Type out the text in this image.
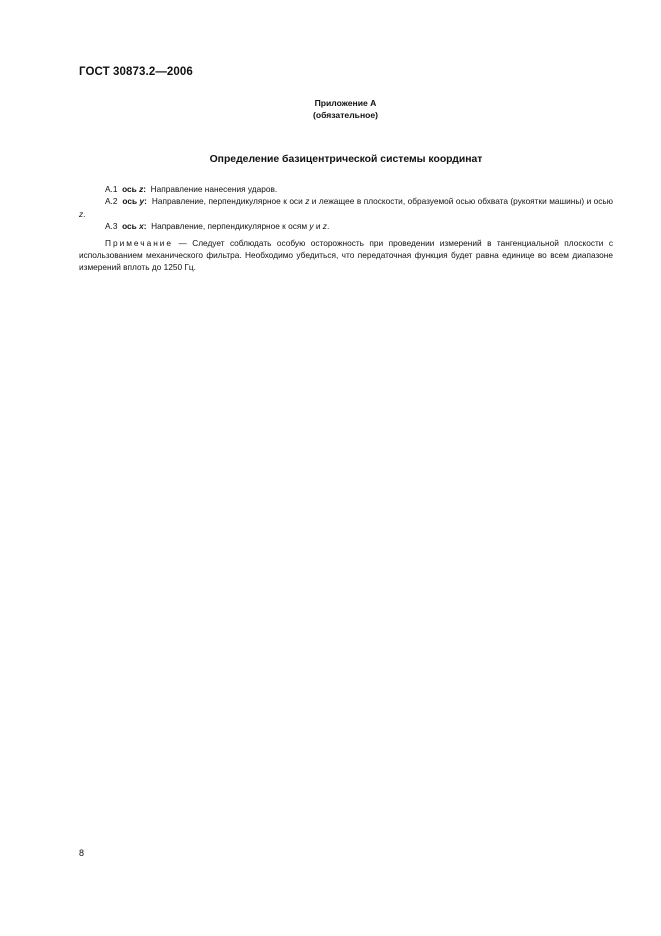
ГОСТ 30873.2—2006
Приложение А
(обязательное)
Определение базицентрической системы координат

А.1 ось z: Направление нанесения ударов.

А.2 ось y: Направление, перпендикулярное к оси z и лежащее в плоскости, образуемой осью обхвата (рукоятки машины) и осью z.

А.3 ось x: Направление, перпендикулярное к осям y и z.

Примечание — Следует соблюдать особую осторожность при проведении измерений в тангенциальной плоскости с использованием механического фильтра. Необходимо убедиться, что передаточная функция будет равна единице во всем диапазоне измерений вплоть до 1250 Гц.

8
